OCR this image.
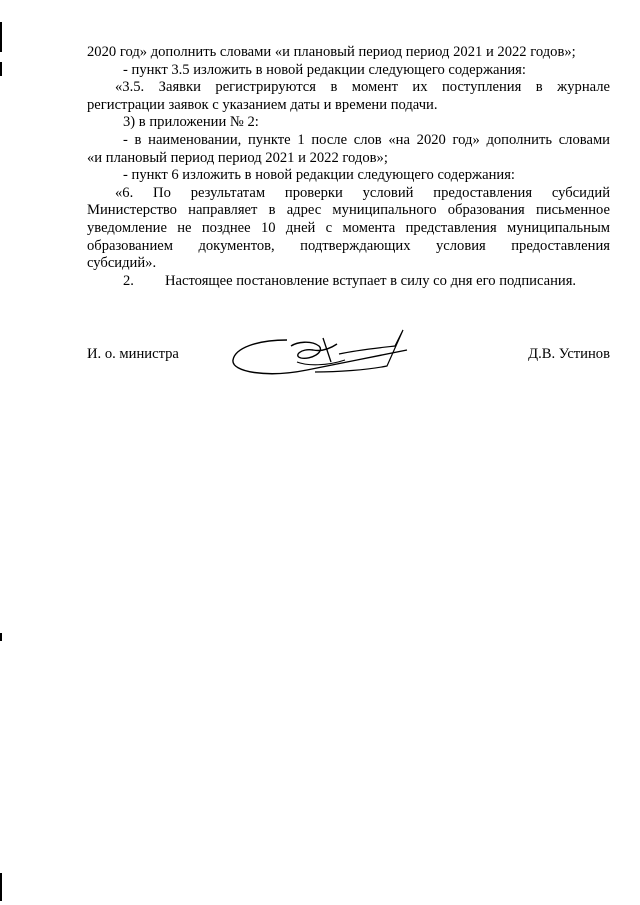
2020 год» дополнить словами «и плановый период период 2021 и 2022 годов»;
- пункт 3.5 изложить в новой редакции следующего содержания:
«3.5. Заявки регистрируются в момент их поступления в журнале
регистрации заявок с указанием даты и времени подачи.
3) в приложении № 2:
- в наименовании, пункте 1 после слов «на 2020 год» дополнить словами
«и плановый период период 2021 и 2022 годов»;
- пункт 6 изложить в новой редакции следующего содержания:
«6. По результатам проверки условий предоставления субсидий
Министерство направляет в адрес муниципального образования письменное
уведомление не позднее 10 дней с момента представления муниципальным
образованием документов, подтверждающих условия предоставления
субсидий».
2. Настоящее постановление вступает в силу со дня его подписания.
И. о. министра	Д.В. Устинов
